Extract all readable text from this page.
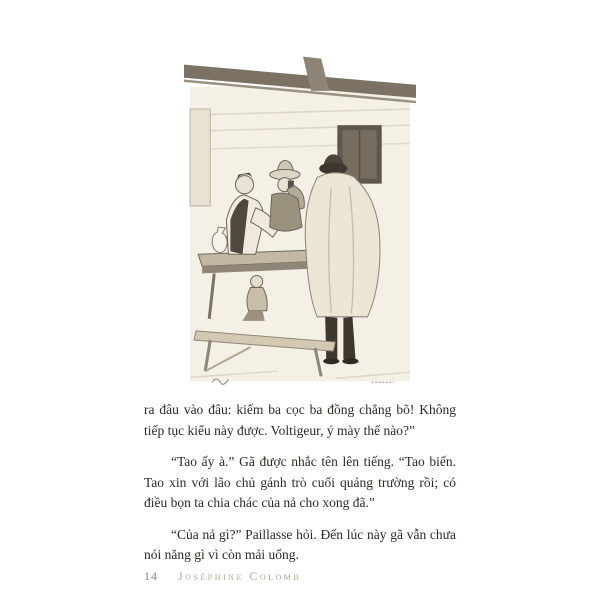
ra đâu vào đâu: kiếm ba cọc ba đồng chẳng bõ! Không tiếp tục kiểu này được. Voltigeur, ý mày thế nào?”

“Tao ấy à.” Gã được nhắc tên lên tiếng. “Tao biến. Tao xin với lão chủ gánh trò cuối quảng trường rồi; có điều bọn ta chia chác của nả cho xong đã.”

“Của nả gì?” Paillasse hỏi. Đến lúc này gã vẫn chưa nói năng gì vì còn mải uống.

14 Joséphine Colomb
